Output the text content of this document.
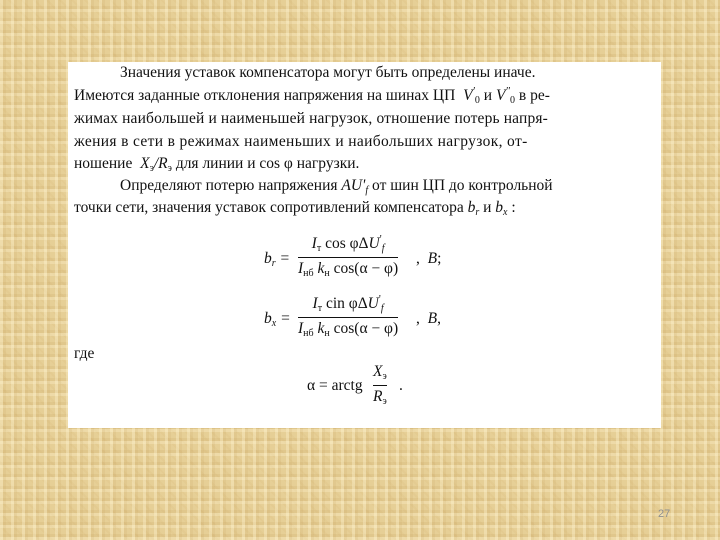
Значения уставок компенсатора могут быть определены иначе.
Имеются заданные отклонения напряжения на шинах ЦП  V'0 и V"0 в ре-
жимах наибольшей и наименьшей нагрузок, отношение потерь напря-
жения в сети в режимах наименьших и наибольших нагрузок, от-
ношение  Xэ/Rэ для линии и cos φ нагрузки.
Определяют потерю напряжения AU'f от шин ЦП до контрольной
точки сети, значения уставок сопротивлений компенсатора br и bx :
br =
Iт cos φΔU'f
Iнб kн cos(α − φ)
,  В;
bx =
Iт cin φΔU'f
Iнб kн cos(α − φ)
,  В,
где
α = arctg
Xэ
Rэ
.
27
